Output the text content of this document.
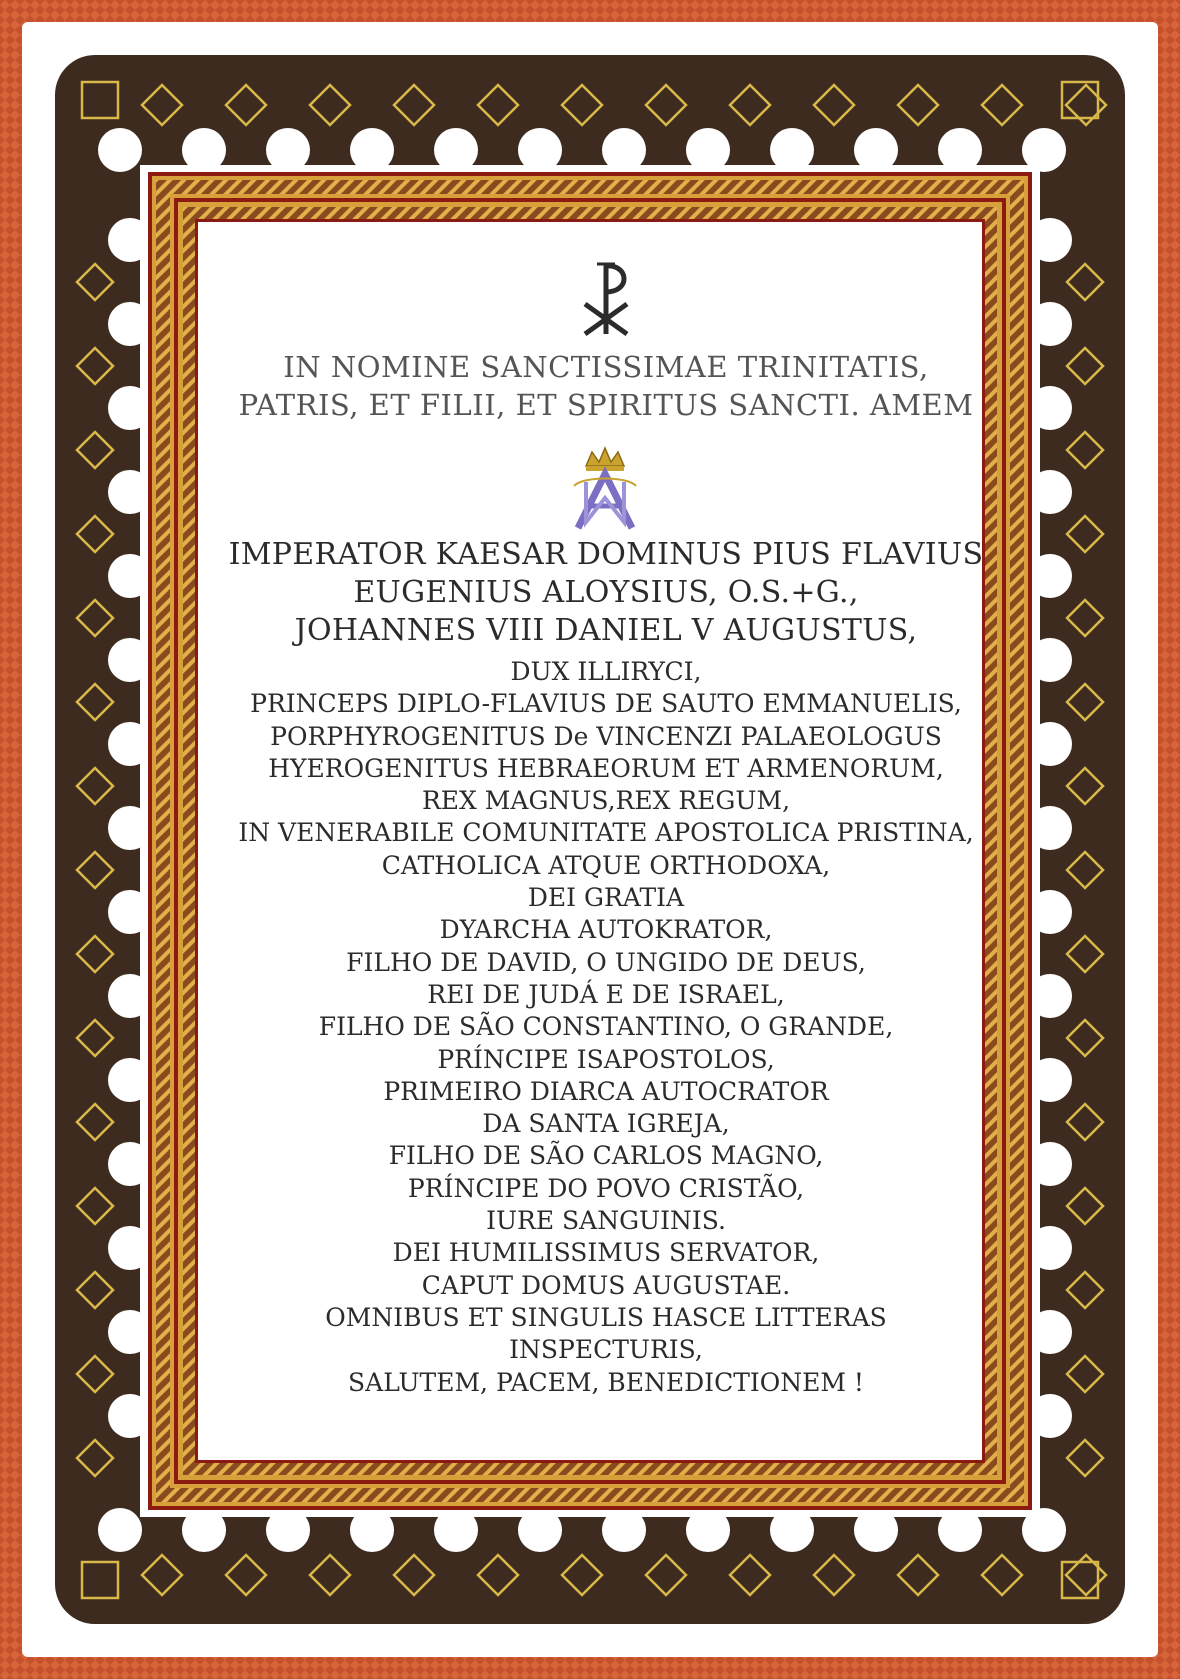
IN NOMINE SANCTISSIMAE TRINITATIS,
PATRIS, ET FILII, ET SPIRITUS SANCTI. AMEM
IMPERATOR KAESAR DOMINUS PIUS FLAVIUS
EUGENIUS ALOYSIUS, O.S.+G.,
JOHANNES VIII DANIEL V AUGUSTUS,
DUX ILLIRYCI,
PRINCEPS DIPLO-FLAVIUS DE SAUTO EMMANUELIS,
PORPHYROGENITUS De VINCENZI PALAEOLOGUS
HYEROGENITUS HEBRAEORUM ET ARMENORUM,
REX MAGNUS,REX REGUM,
IN VENERABILE COMUNITATE APOSTOLICA PRISTINA,
CATHOLICA ATQUE ORTHODOXA,
DEI GRATIA
DYARCHA AUTOKRATOR,
FILHO DE DAVID, O UNGIDO DE DEUS,
REI DE JUDÁ E DE ISRAEL,
FILHO DE SÃO CONSTANTINO, O GRANDE,
PRÍNCIPE ISAPOSTOLOS,
PRIMEIRO DIARCA AUTOCRATOR
DA SANTA IGREJA,
FILHO DE SÃO CARLOS MAGNO,
PRÍNCIPE DO POVO CRISTÃO,
IURE SANGUINIS.
DEI HUMILISSIMUS SERVATOR,
CAPUT DOMUS AUGUSTAE.
OMNIBUS ET SINGULIS HASCE LITTERAS
INSPECTURIS,
SALUTEM, PACEM, BENEDICTIONEM !
